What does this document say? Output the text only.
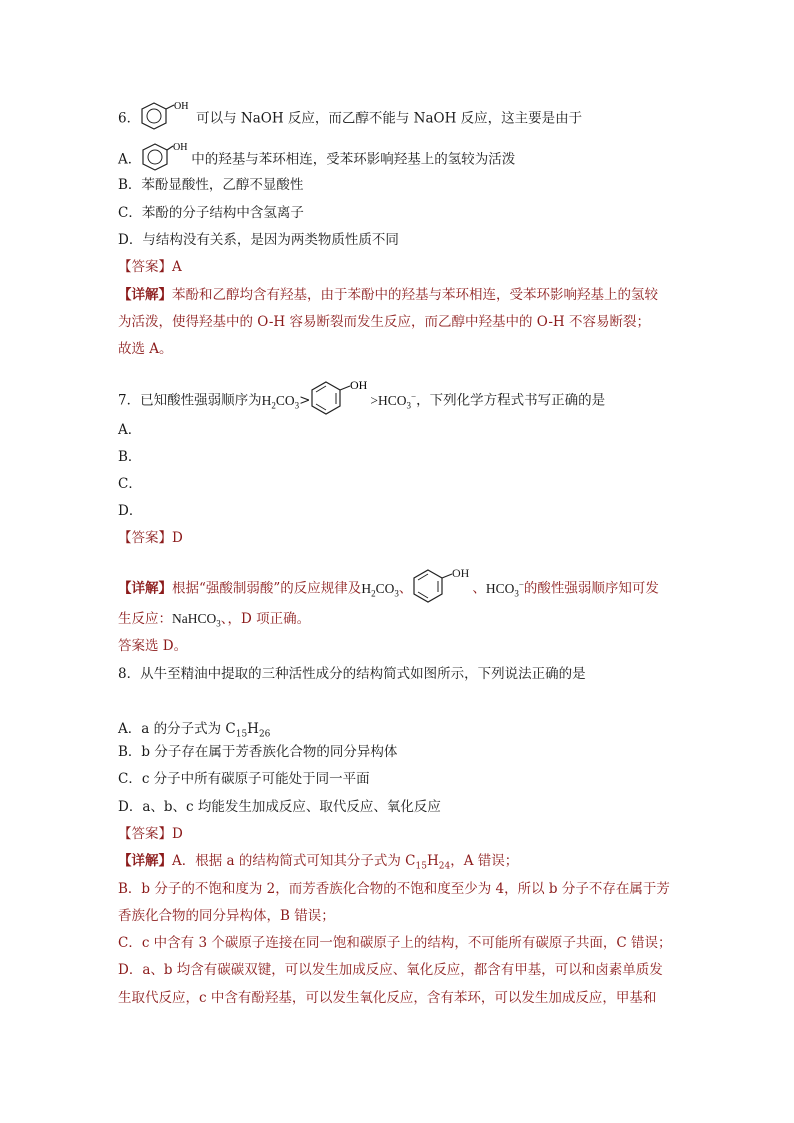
6．
OH
可以与 NaOH 反应，而乙醇不能与 NaOH 反应，这主要是由于
A．
OH
中的羟基与苯环相连，受苯环影响羟基上的氢较为活泼
B．苯酚显酸性，乙醇不显酸性
C．苯酚的分子结构中含氢离子
D．与结构没有关系，是因为两类物质性质不同
【答案】A
【详解】苯酚和乙醇均含有羟基，由于苯酚中的羟基与苯环相连，受苯环影响羟基上的氢较
为活泼，使得羟基中的 O-H 容易断裂而发生反应，而乙醇中羟基中的 O-H 不容易断裂；
故选 A。
7．已知酸性强弱顺序为$H_2CO_3>$
OH
$>HCO_3^-$，下列化学方程式书写正确的是
A．
B．
C．
D．
【答案】D
【详解】根据“强酸制弱酸”的反应规律及$H_2CO_3$、
OH
、$HCO_3^-$的酸性强弱顺序知可发
生反应：NaHCO$_3$、，D 项正确。
答案选 D。
8．从牛至精油中提取的三种活性成分的结构简式如图所示，下列说法正确的是
A．a 的分子式为 $C_{15}H_{26}$
B．b 分子存在属于芳香族化合物的同分异构体
C．c 分子中所有碳原子可能处于同一平面
D．a、b、c 均能发生加成反应、取代反应、氧化反应
【答案】D
【详解】A．根据 a 的结构简式可知其分子式为 $C_{15}H_{24}$，A 错误；
B．b 分子的不饱和度为 2，而芳香族化合物的不饱和度至少为 4，所以 b 分子不存在属于芳
香族化合物的同分异构体，B 错误；
C．c 中含有 3 个碳原子连接在同一饱和碳原子上的结构，不可能所有碳原子共面，C 错误；
D．a、b 均含有碳碳双键，可以发生加成反应、氧化反应，都含有甲基，可以和卤素单质发
生取代反应，c 中含有酚羟基，可以发生氧化反应，含有苯环，可以发生加成反应，甲基和
